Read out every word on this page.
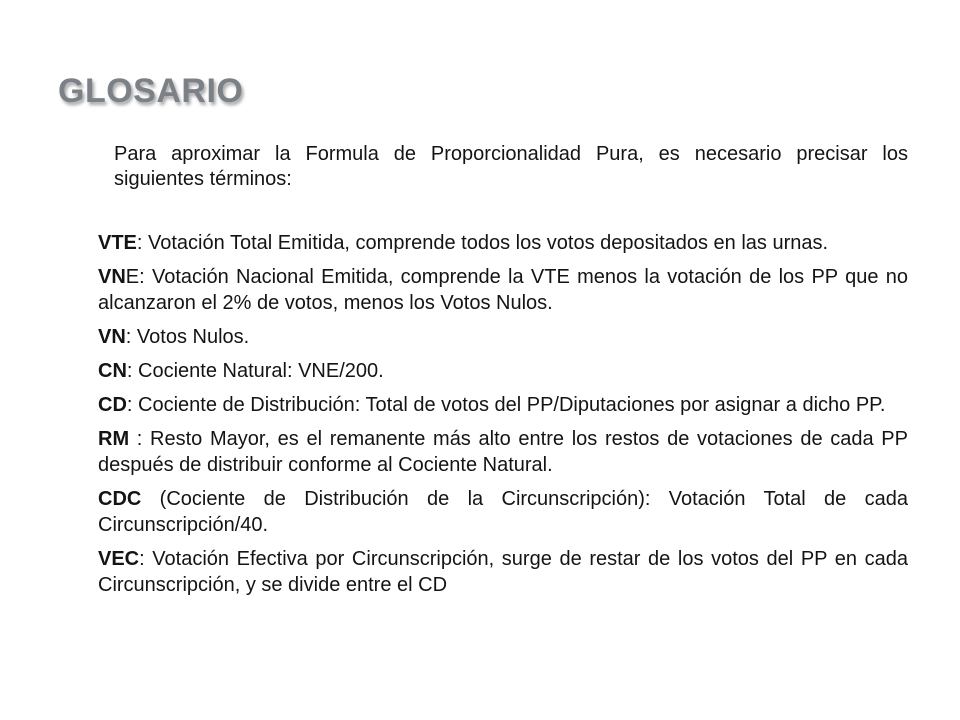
GLOSARIO

Para aproximar la Formula de Proporcionalidad Pura, es necesario precisar los siguientes términos:

VTE: Votación Total Emitida, comprende todos los votos depositados en las urnas.
VNE: Votación Nacional Emitida, comprende la VTE menos la votación de los PP que no alcanzaron el 2% de votos, menos los Votos Nulos.
VN: Votos Nulos.
CN: Cociente Natural: VNE/200.
CD: Cociente de Distribución: Total de votos del PP/Diputaciones por asignar a dicho PP.
RM : Resto Mayor, es el remanente más alto entre los restos de votaciones de cada PP después de distribuir conforme al Cociente Natural.
CDC (Cociente de Distribución de la Circunscripción): Votación Total de cada Circunscripción/40.
VEC: Votación Efectiva por Circunscripción, surge de restar de los votos del PP en cada Circunscripción, y se divide entre el CD
